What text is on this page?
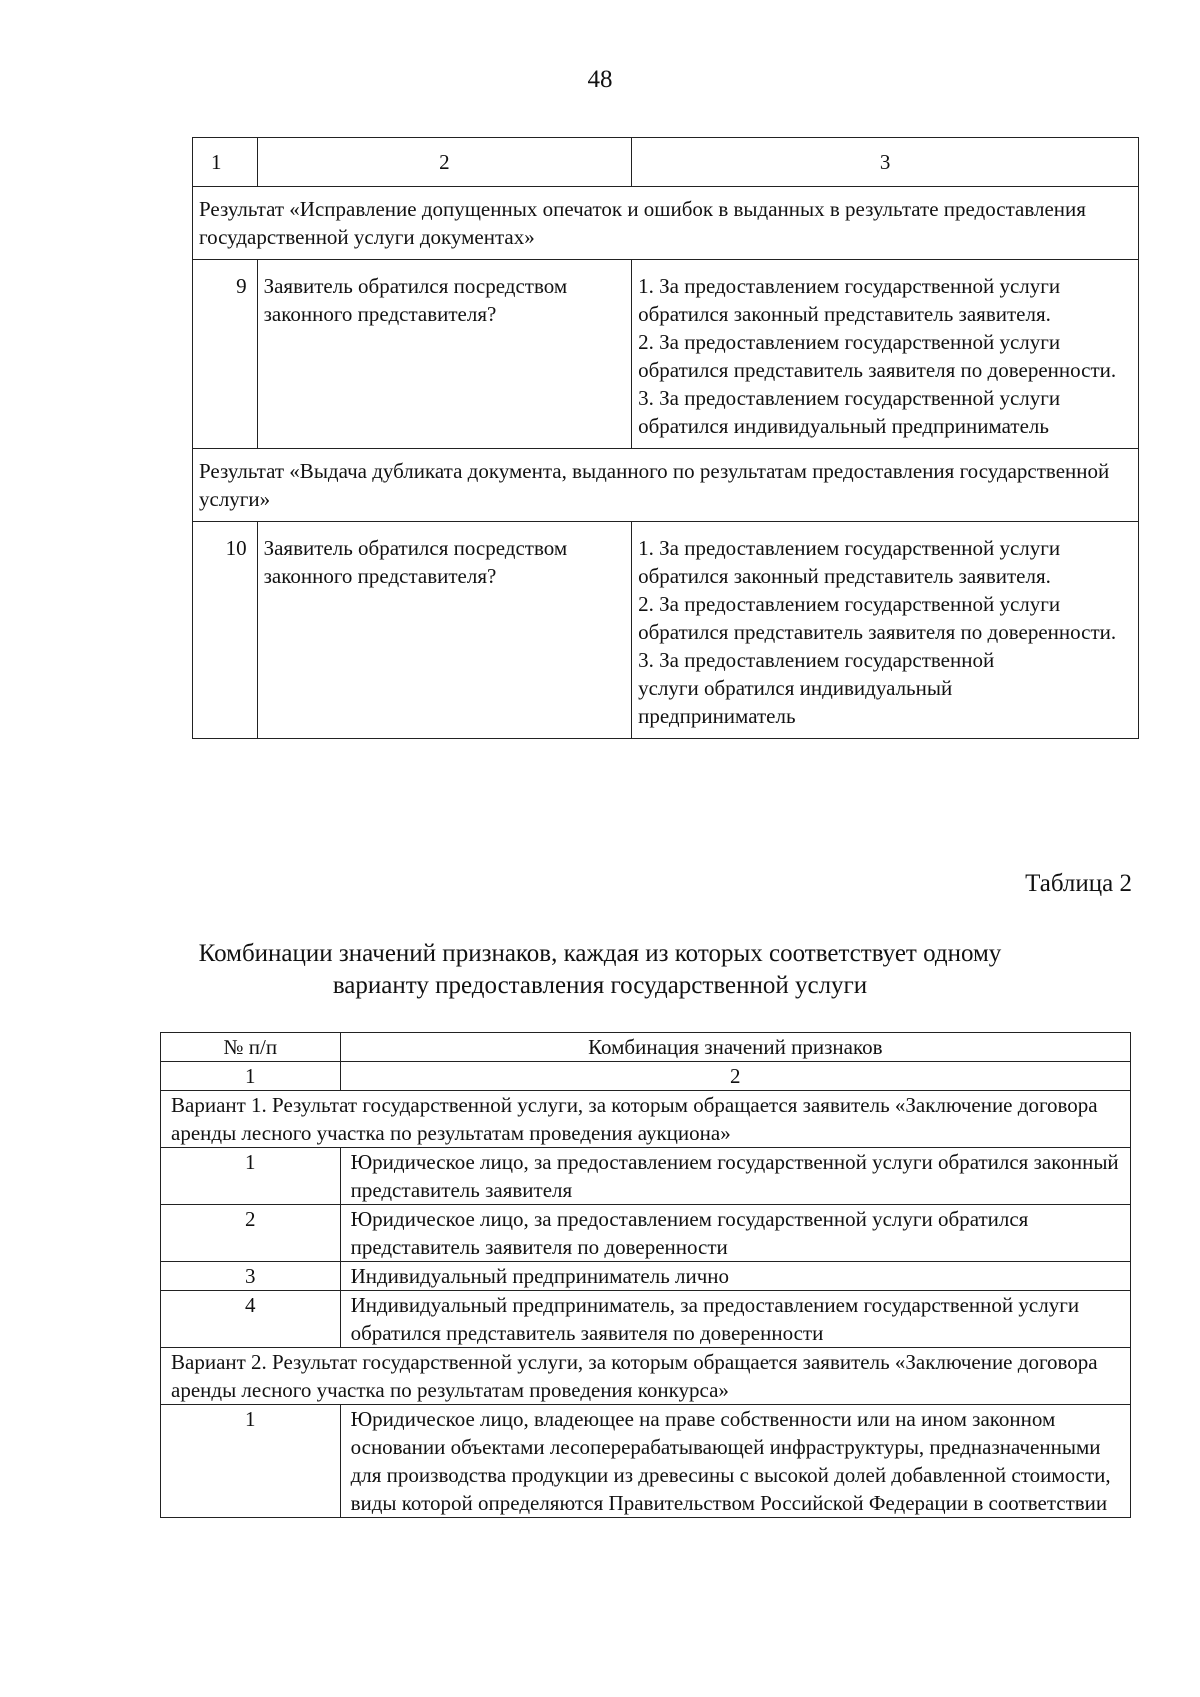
48
1	2	3
Результат «Исправление допущенных опечаток и ошибок в выданных в результате предоставления государственной услуги документах»		
9	Заявитель обратился посредством законного представителя?	1. За предоставлением государственной услуги обратился законный представитель заявителя.
2. За предоставлением государственной услуги обратился представитель заявителя по доверенности.
3. За предоставлением государственной услуги обратился индивидуальный предприниматель

Результат «Выдача дубликата документа, выданного по результатам предоставления государственной услуги»		
10	Заявитель обратился посредством законного представителя?	1. За предоставлением государственной услуги обратился законный представитель заявителя.
2. За предоставлением государственной услуги обратился представитель заявителя по доверенности.
3. За предоставлением государственной услуги обратился индивидуальный предприниматель
Таблица 2
Комбинации значений признаков, каждая из которых соответствует одному варианту предоставления государственной услуги
№ п/п	Комбинация значений признаков
1	2
Вариант 1. Результат государственной услуги, за которым обращается заявитель «Заключение договора аренды лесного участка по результатам проведения аукциона»	
1	Юридическое лицо, за предоставлением государственной услуги обратился законный представитель заявителя
2	Юридическое лицо, за предоставлением государственной услуги обратился представитель заявителя по доверенности
3	Индивидуальный предприниматель лично
4	Индивидуальный предприниматель, за предоставлением государственной услуги обратился представитель заявителя по доверенности
Вариант 2. Результат государственной услуги, за которым обращается заявитель «Заключение договора аренды лесного участка по результатам проведения конкурса»	
1	Юридическое лицо, владеющее на праве собственности или на ином законном основании объектами лесоперерабатывающей инфраструктуры, предназначенными для производства продукции из древесины с высокой долей добавленной стоимости, виды которой определяются Правительством Российской Федерации в соответствии
